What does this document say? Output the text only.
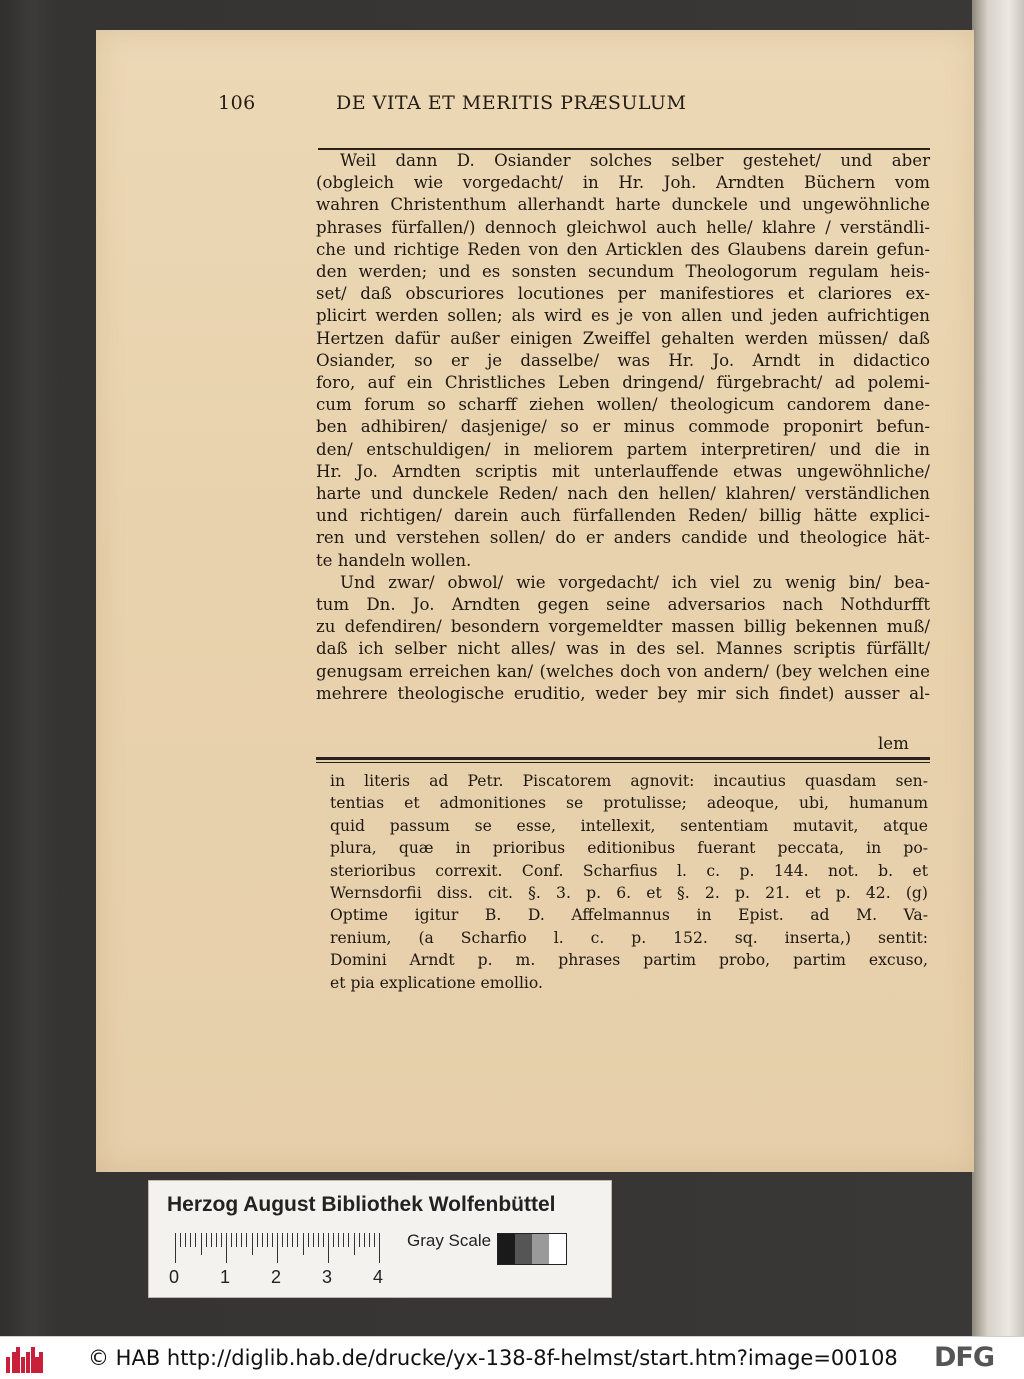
106	DE VITA ET MERITIS PRÆSULUM
Weil dann D. Osiander solches selber gestehet/ und aber
(obgleich wie vorgedacht/ in Hr. Joh. Arndten Büchern vom
wahren Christenthum allerhandt harte dunckele und ungewöhnliche
phrases fürfallen/) dennoch gleichwol auch helle/ klahre / verständli-
che und richtige Reden von den Articklen des Glaubens darein gefun-
den werden; und es sonsten secundum Theologorum regulam heis-
set/ daß obscuriores locutiones per manifestiores et clariores ex-
plicirt werden sollen; als wird es je von allen und jeden aufrichtigen
Hertzen dafür außer einigen Zweiffel gehalten werden müssen/ daß
Osiander, so er je dasselbe/ was Hr. Jo. Arndt in didactico
foro, auf ein Christliches Leben dringend/ fürgebracht/ ad polemi-
cum forum so scharff ziehen wollen/ theologicum candorem dane-
ben adhibiren/ dasjenige/ so er minus commode proponirt befun-
den/ entschuldigen/ in meliorem partem interpretiren/ und die in
Hr. Jo. Arndten scriptis mit unterlauffende etwas ungewöhnliche/
harte und dunckele Reden/ nach den hellen/ klahren/ verständlichen
und richtigen/ darein auch fürfallenden Reden/ billig hätte explici-
ren und verstehen sollen/ do er anders candide und theologice hät-
te handeln wollen.
Und zwar/ obwol/ wie vorgedacht/ ich viel zu wenig bin/ bea-
tum Dn. Jo. Arndten gegen seine adversarios nach Nothdurfft
zu defendiren/ besondern vorgemeldter massen billig bekennen muß/
daß ich selber nicht alles/ was in des sel. Mannes scriptis fürfällt/
genugsam erreichen kan/ (welches doch von andern/ (bey welchen eine
mehrere theologische eruditio, weder bey mir sich findet) ausser al-
lem
in literis ad Petr. Piscatorem agnovit: incautius quasdam sen-
tentias et admonitiones se protulisse; adeoque, ubi, humanum
quid passum se esse, intellexit, sententiam mutavit, atque
plura, quæ in prioribus editionibus fuerant peccata, in po-
sterioribus correxit. Conf. Scharfius l. c. p. 144. not. b. et
Wernsdorfii diss. cit. §. 3. p. 6. et §. 2. p. 21. et p. 42. (g)
Optime igitur B. D. Affelmannus in Epist. ad M. Va-
renium, (a Scharfio l. c. p. 152. sq. inserta,) sentit:
Domini Arndt p. m. phrases partim probo, partim excuso,
et pia explicatione emollio.
Herzog August Bibliothek Wolfenbüttel
0 1 2 3 4
Gray Scale
© HAB http://diglib.hab.de/drucke/yx-138-8f-helmst/start.htm?image=00108 DFG
